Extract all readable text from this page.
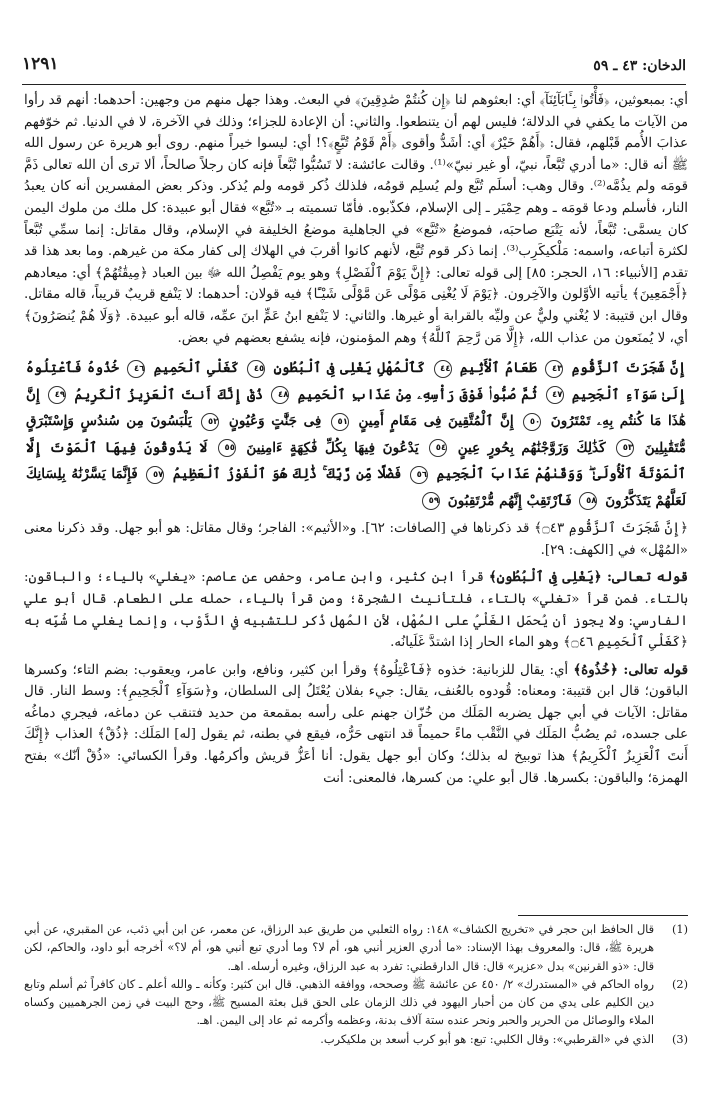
الدخان: ٤٣ ـ ٥٩
١٢٩١

أي: بمبعوثين، ﴿فَأْتُوا۟ بِـَٔابَآئِنَآ﴾ أي: ابعثوهم لنا ﴿إِن كُنتُمْ صَٰدِقِينَ﴾ في البعث. وهذا جهل منهم من وجهين: أحدهما: أنهم قد رأوا من الآيات ما يكفي في الدلالة؛ فليس لهم أن يتنطعوا. والثاني: أن الإعادة للجزاء؛ وذلك في الآخرة، لا في الدنيا. ثم خوّفهم عذابَ الأُمم قَبْلهم، فقال: ﴿أَهُمْ خَيْرٌ﴾ أي: أشَدُّ وأقوى ﴿أَمْ قَوْمُ تُبَّعٍ﴾؟! أي: ليسوا خيراً منهم. روى أبو هريرة عن رسول الله ﷺ أنه قال: «ما أدري تُبَّعاً، نبيّ، أو غير نبيّ»⁽¹⁾. وقالت عائشة: لا تَسُبُّوا تُبَّعاً فإنه كان رجلاً صالحاً، ألا ترى أن الله تعالى ذَمَّ قومَه ولم يذُمَّه⁽²⁾. وقال وهب: أسلَم تُبَّع ولم يُسلِم قومُه، فلذلك ذُكر قومه ولم يُذكر. وذكر بعض المفسرين أنه كان يعبدُ النار، فأسلم ودعا قومَه ـ وهم حِمْيَر ـ إلى الإسلام، فكذّبوه. فأمّا تسميته بـ «تُبَّع» فقال أبو عبيدة: كل ملك من ملوك اليمن كان يسمَّى: تُبَّعاً، لأنه يَتْبَع صاحبَه، فموضعُ «تُبَّع» في الجاهلية موضعُ الخليفة في الإسلام، وقال مقاتل: إنما سمِّي تُبَّعاً لكثرة أتباعه، واسمه: مَلْكيكَرِب⁽³⁾. إنما ذكر قوم تُبَّع، لأنهم كانوا أقربَ في الهلاك إلى كفار مكة من غيرهم. وما بعد هذا قد تقدم [الأنبياء: ١٦، الحجر: ٨٥] إلى قوله تعالى: ﴿إِنَّ يَوْمَ ٱلْفَصْلِ﴾ وهو يوم يَفْصِلُ الله ﷻ بين العباد ﴿مِيقَٰتُهُمْ﴾ أي: ميعادهم ﴿أَجْمَعِينَ﴾ يأتيه الأوَّلون والآخِرون. ﴿يَوْمَ لَا يُغْنِى مَوْلًى عَن مَّوْلًى شَيْـًٔا﴾ فيه قولان: أحدهما: لا يَنْفع قريبٌ قريباً، قاله مقاتل. وقال ابن قتيبة: لا يُغْني وليٌّ عن وليِّه بالقرابة أو غيرها. والثاني: لا يَنْفع ابنُ عَمٍّ ابنَ عمِّه، قاله أبو عبيدة. ﴿وَلَا هُمْ يُنصَرُونَ﴾ أي، لا يُمنَعون من عذاب الله، ﴿إِلَّا مَن رَّحِمَ ٱللَّهُ﴾ وهم المؤمنون، فإنه يشفع بعضهم في بعض.

إِنَّ شَجَرَتَ ٱلزَّقُّومِ ٤٣ طَعَامُ ٱلْأَثِيمِ ٤٤ كَٱلْمُهْلِ يَغْلِى فِى ٱلْبُطُونِ ٤٥ كَغَلْىِ ٱلْحَمِيمِ ٤٦ خُذُوهُ فَٱعْتِلُوهُ إِلَىٰ سَوَآءِ ٱلْجَحِيمِ ٤٧ ثُمَّ صُبُّوا۟ فَوْقَ رَأْسِهِۦ مِنْ عَذَابِ ٱلْحَمِيمِ ٤٨ ذُقْ إِنَّكَ أَنتَ ٱلْعَزِيزُ ٱلْكَرِيمُ ٤٩ إِنَّ هَٰذَا مَا كُنتُم بِهِۦ تَمْتَرُونَ ٥٠ إِنَّ ٱلْمُتَّقِينَ فِى مَقَامٍ أَمِينٍ ٥١ فِى جَنَّٰتٍ وَعُيُونٍ ٥٢ يَلْبَسُونَ مِن سُندُسٍ وَإِسْتَبْرَقٍ مُّتَقَٰبِلِينَ ٥٣ كَذَٰلِكَ وَزَوَّجْنَٰهُم بِحُورٍ عِينٍ ٥٤ يَدْعُونَ فِيهَا بِكُلِّ فَٰكِهَةٍ ءَامِنِينَ ٥٥ لَا يَذُوقُونَ فِيهَا ٱلْمَوْتَ إِلَّا ٱلْمَوْتَةَ ٱلْأُولَىٰ ۖ وَوَقَىٰهُمْ عَذَابَ ٱلْجَحِيمِ ٥٦ فَضْلًا مِّن رَّبِّكَ ۚ ذَٰلِكَ هُوَ ٱلْفَوْزُ ٱلْعَظِيمُ ٥٧ فَإِنَّمَا يَسَّرْنَٰهُ بِلِسَانِكَ لَعَلَّهُمْ يَتَذَكَّرُونَ ٥٨ فَٱرْتَقِبْ إِنَّهُم مُّرْتَقِبُونَ ٥٩

﴿إِنَّ شَجَرَتَ ٱلزَّقُّومِ ۝٤٣﴾ قد ذكرناها في [الصافات: ٦٢]. و«الأثيم»: الفاجر؛ وقال مقاتل: هو أبو جهل. وقد ذكرنا معنى «المُهْل» في [الكهف: ٢٩].

قوله تعالى: ﴿يَغْلِى فِى ٱلْبُطُونِ﴾ قرأ ابن كثير، وابن عامر، وحفص عن عاصم: «يغلي» بالياء؛ والباقون: بالتاء. فمن قرأ «تغلي» بالتاء، فلتأنيث الشجرة؛ ومن قرأ بالياء، حمله على الطعام. قال أبو علي الفارسي: ولا يجوز أن يُحمَل الغَلْيُ على المُهْل، لأن المُهل ذُكر للتشبيه في الذَّوْب، وإنما يغلي ما شُبِّه به ﴿كَغَلْىِ ٱلْحَمِيمِ ۝٤٦﴾ وهو الماء الحار إذا اشتدَّ غَلَيانُه.

قوله تعالى: ﴿خُذُوهُ﴾ أي: يقال للزبانية: خذوه ﴿فَٱعْتِلُوهُ﴾ وقرأ ابن كثير، ونافع، وابن عامر، ويعقوب: بضم التاء؛ وكسرها الباقون؛ قال ابن قتيبة: ومعناه: قُودوه بالعُنف، يقال: جيء بفلان يُعْتَلُ إلى السلطان، و﴿سَوَآءِ ٱلْجَحِيمِ﴾: وسط النار. قال مقاتل: الآيات في أبي جهل يضربه المَلَك من خُزّان جهنم على رأسه بمقمعة من حديد فتنقب عن دماغه، فيجري دماغُه على جسده، ثم يصُبُّ المَلَك في النَّقْب ماءً حميماً قد انتهى حَرُّه، فيقع في بطنه، ثم يقول [له] المَلَك: ﴿ذُقْ﴾ العذاب ﴿إِنَّكَ أَنتَ ٱلْعَزِيزُ ٱلْكَرِيمُ﴾ هذا توبيخ له بذلك؛ وكان أبو جهل يقول: أنا أعَزُّ قريش وأكرمُها. وقرأ الكسائي: «ذُقْ أنّك» بفتح الهمزة؛ والباقون: بكسرها. قال أبو علي: من كسرها، فالمعنى: أنت

(1)
قال الحافظ ابن حجر في «تخريج الكشاف» ١٤٨: رواه الثعلبي من طريق عبد الرزاق، عن معمر، عن ابن أبي ذئب، عن المقبري، عن أبي هريرة ﷺ، قال: والمعروف بهذا الإسناد: «ما أدري العزير أنبي هو، أم لا؟ وما أدري تبع أنبي هو، أم لا؟» أخرجه أبو داود، والحاكم، لكن قال: «ذو القرنين» بدل «عزير» قال: قال الدارقطني: تفرد به عبد الرزاق، وغيره أرسله. اهـ.
(2)
رواه الحاكم في «المستدرك» ٢/ ٤٥٠ عن عائشة ﷺ وصححه، ووافقه الذهبي. قال ابن كثير: وكأنه ـ والله أعلم ـ كان كافراً ثم أسلم وتابع دين الكليم على يدي من كان من أحبار اليهود في ذلك الزمان على الحق قبل بعثة المسيح ﷺ، وحج البيت في زمن الجرهميين وكساه الملاء والوصائل من الحرير والحبر ونحر عنده ستة آلاف بدنة، وعظمه وأكرمه ثم عاد إلى اليمن. اهـ.
(3)
الذي في «القرطبي»: وقال الكلبي: تبع: هو أبو كرب أسعد بن ملكيكرب.
